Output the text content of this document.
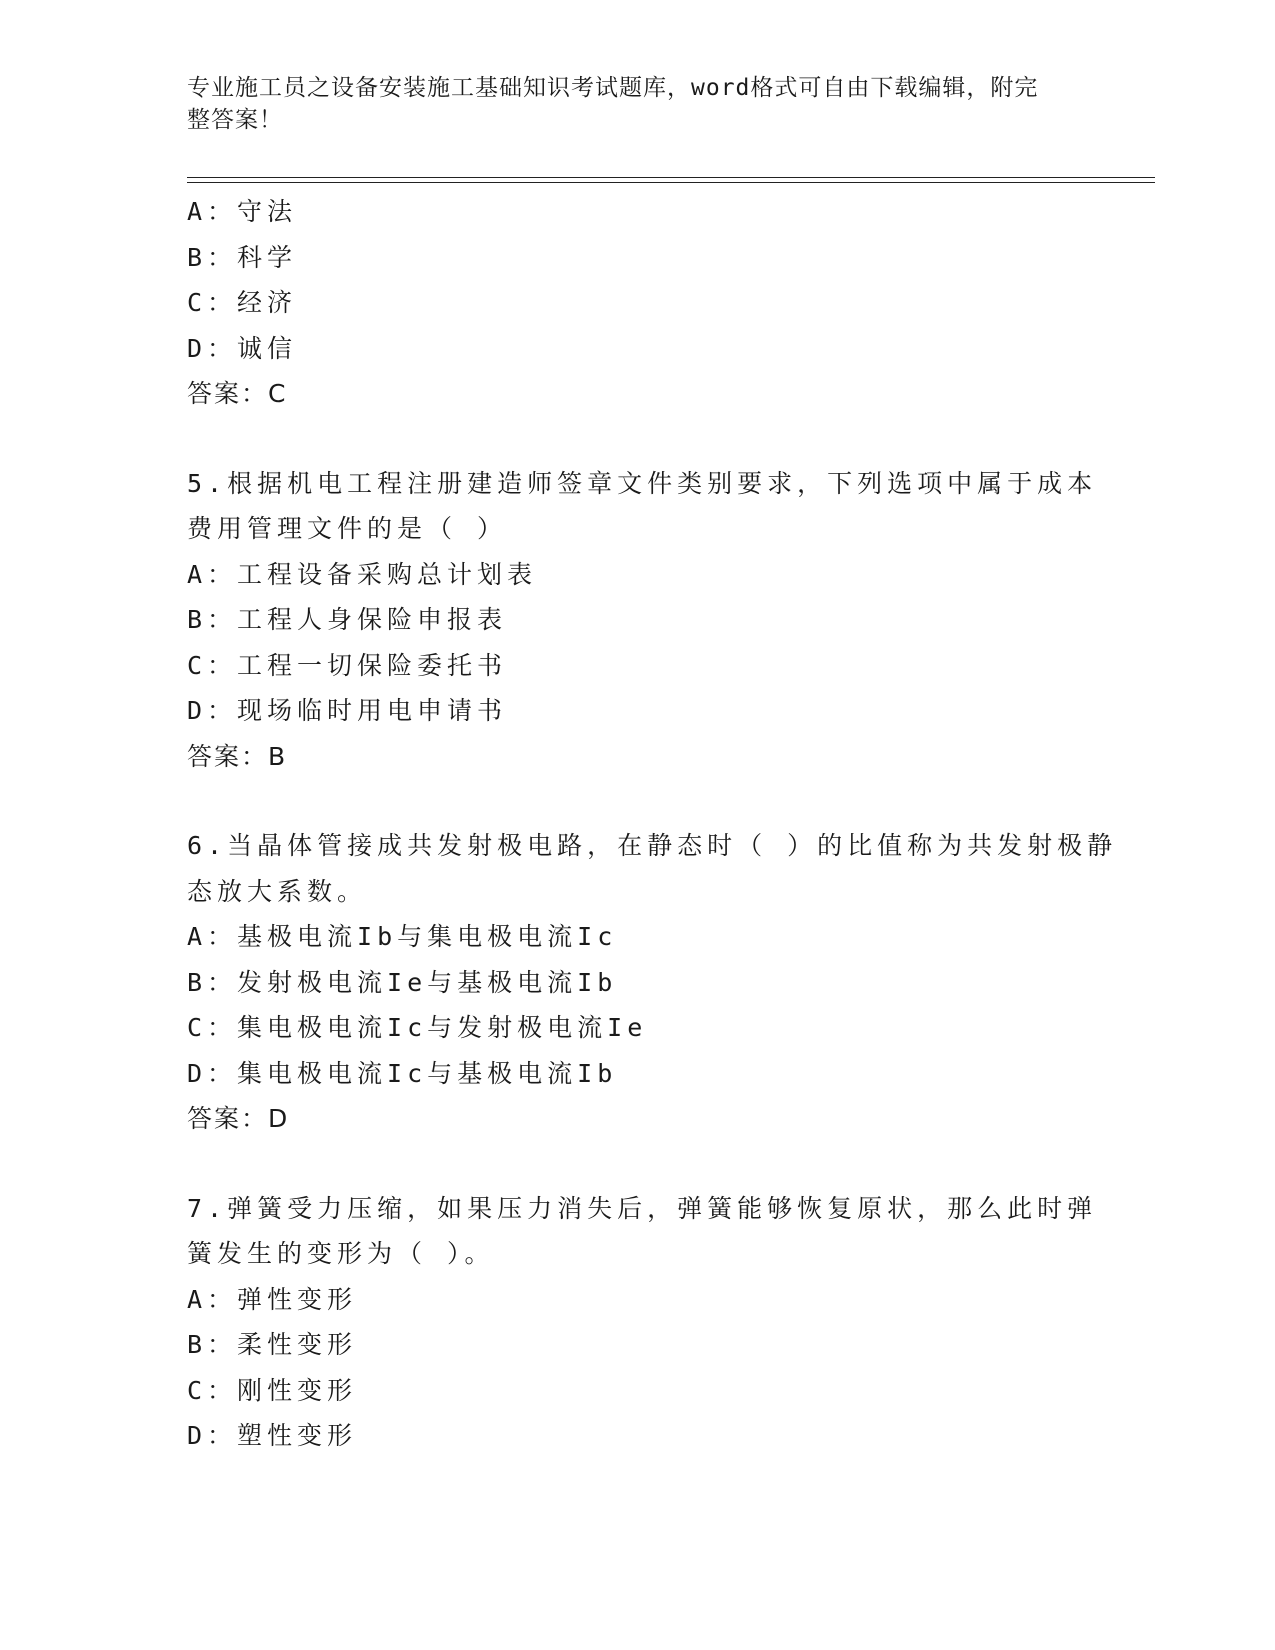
专业施工员之设备安装施工基础知识考试题库，word格式可自由下载编辑，附完
整答案！
A：守法
B：科学
C：经济
D：诚信
答案：C
5.根据机电工程注册建造师签章文件类别要求，下列选项中属于成本
费用管理文件的是（ ）
A：工程设备采购总计划表
B：工程人身保险申报表
C：工程一切保险委托书
D：现场临时用电申请书
答案：B
6.当晶体管接成共发射极电路，在静态时（ ）的比值称为共发射极静
态放大系数。
A：基极电流Ib与集电极电流Ic
B：发射极电流Ie与基极电流Ib
C：集电极电流Ic与发射极电流Ie
D：集电极电流Ic与基极电流Ib
答案：D
7.弹簧受力压缩，如果压力消失后，弹簧能够恢复原状，那么此时弹
簧发生的变形为（ ）。
A：弹性变形
B：柔性变形
C：刚性变形
D：塑性变形
